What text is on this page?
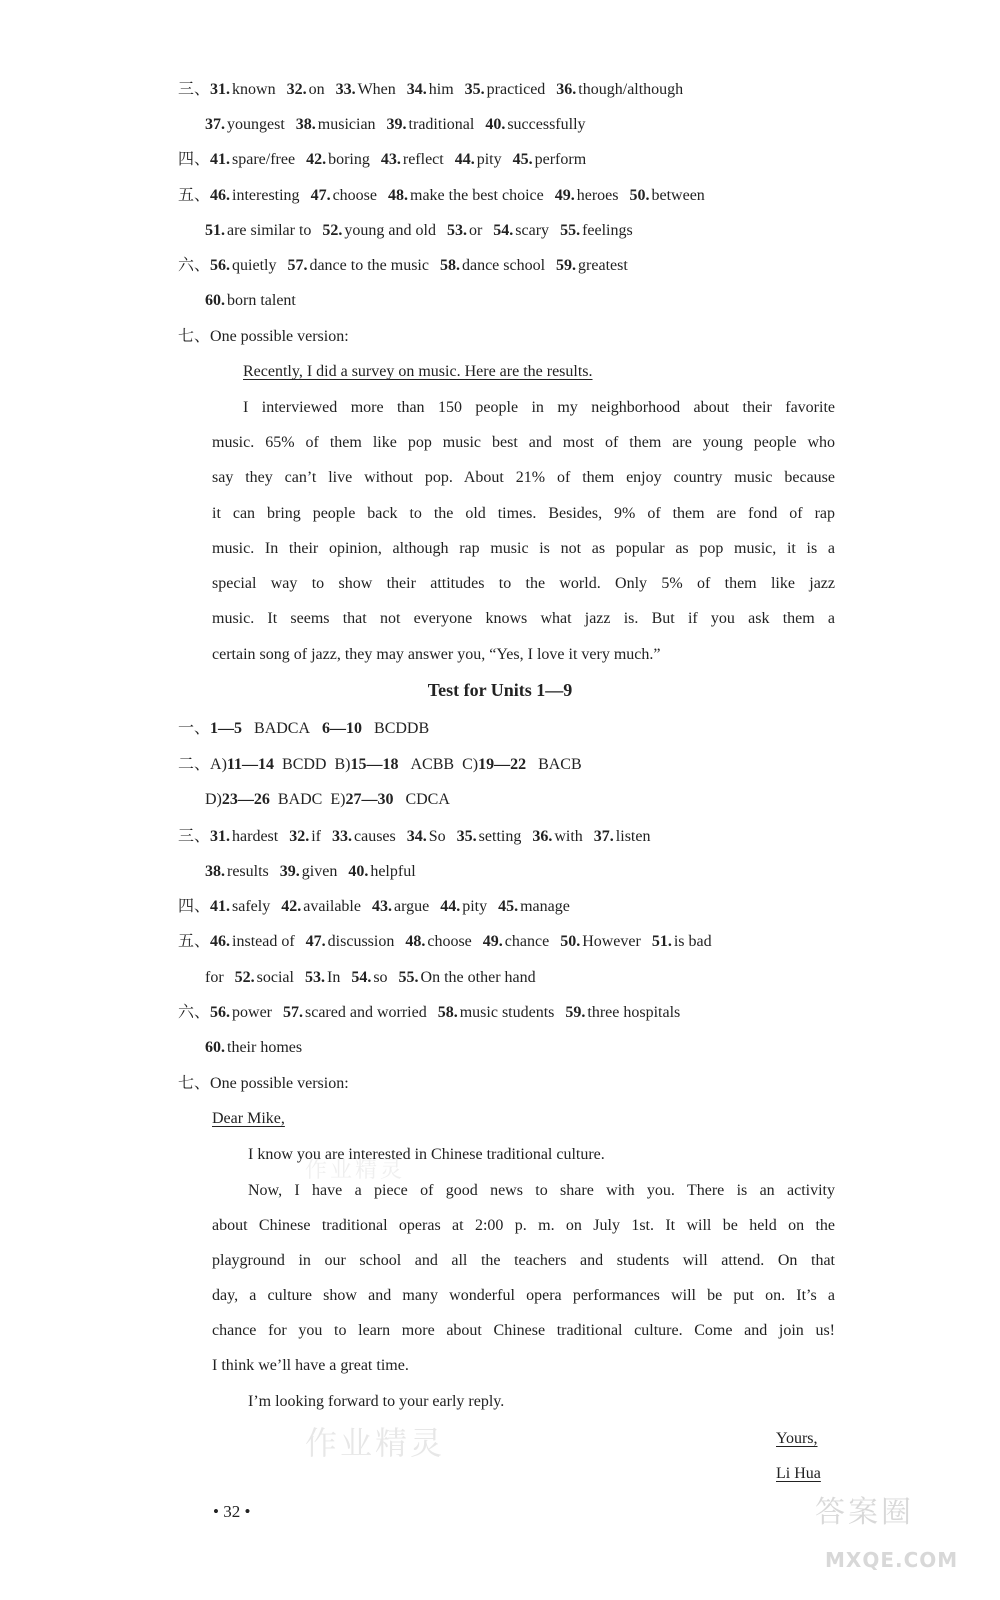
三、31. known 32. on 33. When 34. him 35. practiced 36. though/although
37. youngest 38. musician 39. traditional 40. successfully
四、41. spare/free 42. boring 43. reflect 44. pity 45. perform
五、46. interesting 47. choose 48. make the best choice 49. heroes 50. between
51. are similar to 52. young and old 53. or 54. scary 55. feelings
六、56. quietly 57. dance to the music 58. dance school 59. greatest
60. born talent
七、One possible version:
Recently, I did a survey on music. Here are the results.
I interviewed more than 150 people in my neighborhood about their favorite
music. 65% of them like pop music best and most of them are young people who
say they can’t live without pop. About 21% of them enjoy country music because
it can bring people back to the old times. Besides, 9% of them are fond of rap
music. In their opinion, although rap music is not as popular as pop music, it is a
special way to show their attitudes to the world. Only 5% of them like jazz
music. It seems that not everyone knows what jazz is. But if you ask them a
certain song of jazz, they may answer you, “Yes, I love it very much.”
Test for Units 1—9
一、1—5 BADCA 6—10 BCDDB
二、A)11—14 BCDD B)15—18 ACBB C)19—22 BACB
D)23—26 BADC E)27—30 CDCA
三、31. hardest 32. if 33. causes 34. So 35. setting 36. with 37. listen
38. results 39. given 40. helpful
四、41. safely 42. available 43. argue 44. pity 45. manage
五、46. instead of 47. discussion 48. choose 49. chance 50. However 51. is bad
for 52. social 53. In 54. so 55. On the other hand
六、56. power 57. scared and worried 58. music students 59. three hospitals
60. their homes
七、One possible version:
Dear Mike,
I know you are interested in Chinese traditional culture.
Now, I have a piece of good news to share with you. There is an activity
about Chinese traditional operas at 2:00 p. m. on July 1st. It will be held on the
playground in our school and all the teachers and students will attend. On that
day, a culture show and many wonderful opera performances will be put on. It’s a
chance for you to learn more about Chinese traditional culture. Come and join us!
I think we’ll have a great time.
I’m looking forward to your early reply.
Yours,
Li Hua
• 32 •
作业精灵
作业精灵
答案圈
MXQE.COM
